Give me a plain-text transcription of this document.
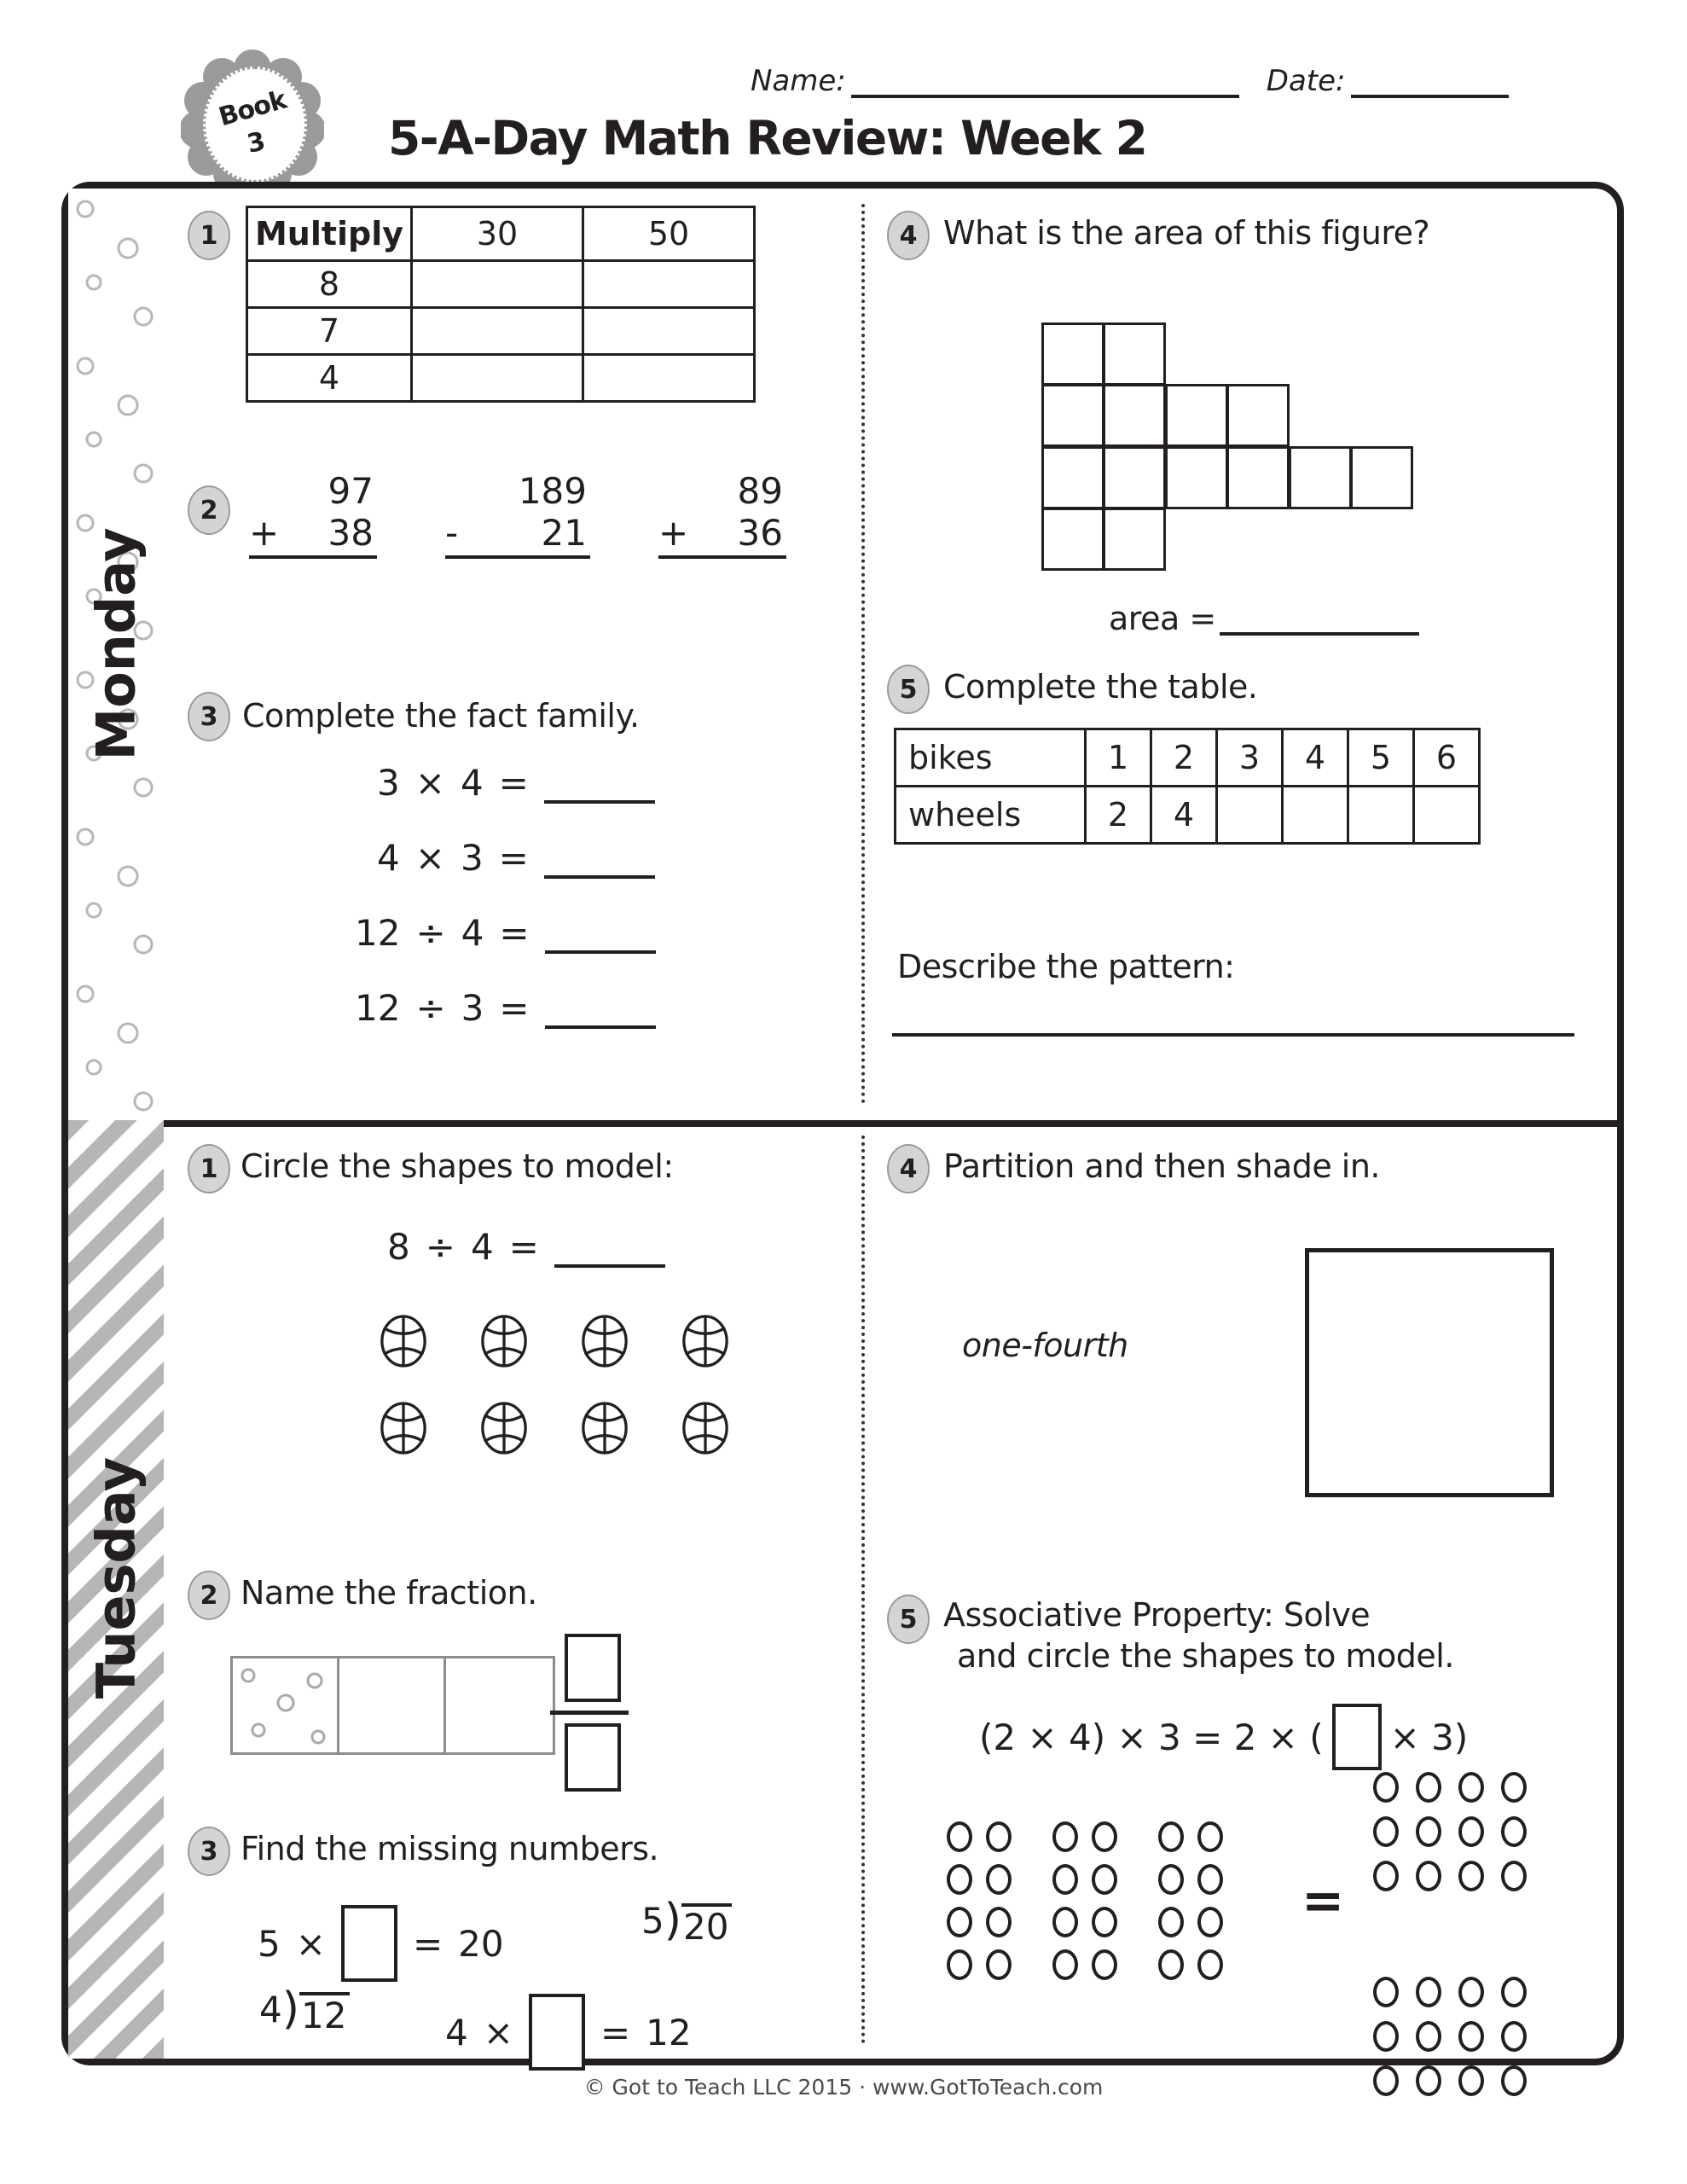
Book
3	5-A-Day Math Review: Week 2
Name:	Date:
Monday
Tuesday
1	Multiply	30	50
8		
7		
4		
2	97
+ 38
189
- 21
89
+ 36
3 Complete the fact family.
3 × 4 =
4 × 3 =
12 ÷ 4 =
12 ÷ 3 =
4 What is the area of this figure?
area =
5 Complete the table.
bikes	1	2	3	4	5	6
wheels	2	4				
Describe the pattern:
1 Circle the shapes to model:
8 ÷ 4 =
2 Name the fraction.
3 Find the missing numbers.
5 × = 20
5 ) 20
4 ) 12	4 × = 12
4 Partition and then shade in.
one-fourth
5 Associative Property: Solve
and circle the shapes to model.
(2 × 4) × 3 = 2 × ( × 3)
=
© Got to Teach LLC 2015 · www.GotToTeach.com
